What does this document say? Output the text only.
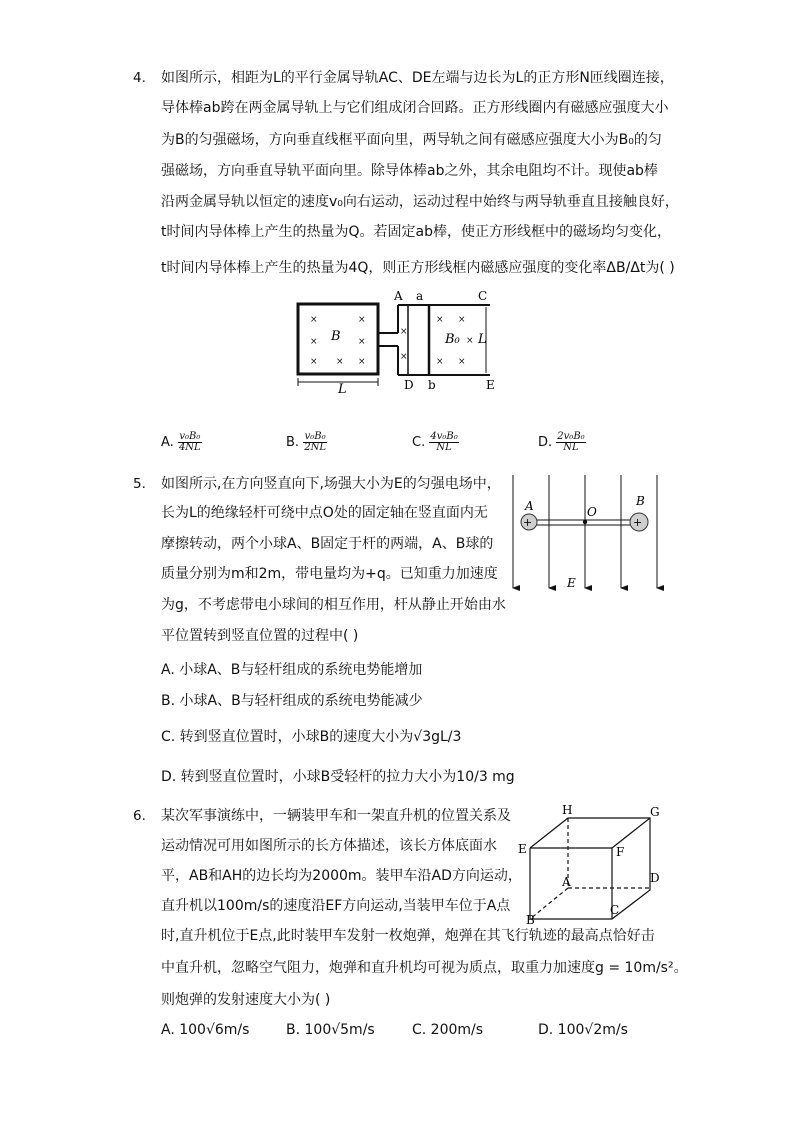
4. 如图所示，相距为L的平行金属导轨AC、DE左端与边长为L的正方形N匝线圈连接，
导体棒ab跨在两金属导轨上与它们组成闭合回路。正方形线圈内有磁感应强度大小
为B的匀强磁场，方向垂直线框平面向里，两导轨之间有磁感应强度大小为B₀的匀
强磁场，方向垂直导轨平面向里。除导体棒ab之外，其余电阻均不计。现使ab棒
沿两金属导轨以恒定的速度v₀向右运动，运动过程中始终与两导轨垂直且接触良好，
t时间内导体棒上产生的热量为Q。若固定ab棒，使正方形线框中的磁场均匀变化，
t时间内导体棒上产生的热量为4Q，则正方形线框内磁感应强度的变化率ΔB/Δt为( )
×	×
×	×
× × ×
×
×
× ×
× ×
×
A a	C
D b	E
B	B₀
L
L
A. $\frac{\text{v₀B₀}}{4NL}$	B. $\frac{\text{v₀B₀}}{2NL}$	C. $\frac{\text{4v₀B₀}}{NL}$	D. $\frac{\text{2v₀B₀}}{NL}$
5. 如图所示,在方向竖直向下,场强大小为E的匀强电场中，
长为L的绝缘轻杆可绕中点O处的固定轴在竖直面内无
摩擦转动，两个小球A、B固定于杆的两端，A、B球的
质量分别为m和2m，带电量均为+q。已知重力加速度
为g，不考虑带电小球间的相互作用，杆从静止开始由水
平位置转到竖直位置的过程中( )
+	+
A	O
B
E
A. 小球A、B与轻杆组成的系统电势能增加
B. 小球A、B与轻杆组成的系统电势能减少
C. 转到竖直位置时，小球B的速度大小为√3gL/3
D. 转到竖直位置时，小球B受轻杆的拉力大小为10/3 mg
6. 某次军事演练中，一辆装甲车和一架直升机的位置关系及
运动情况可用如图所示的长方体描述，该长方体底面水
平，AB和AH的边长均为2000m。装甲车沿AD方向运动，
直升机以100m/s的速度沿EF方向运动,当装甲车位于A点
时,直升机位于E点,此时装甲车发射一枚炮弹，炮弹在其飞行轨迹的最高点恰好击
中直升机，忽略空气阻力，炮弹和直升机均可视为质点，取重力加速度g = 10m/s²。
则炮弹的发射速度大小为( )
H	G
E	F
A	D
B
C
A. 100√6m/s	B. 100√5m/s	C. 200m/s	D. 100√2m/s
